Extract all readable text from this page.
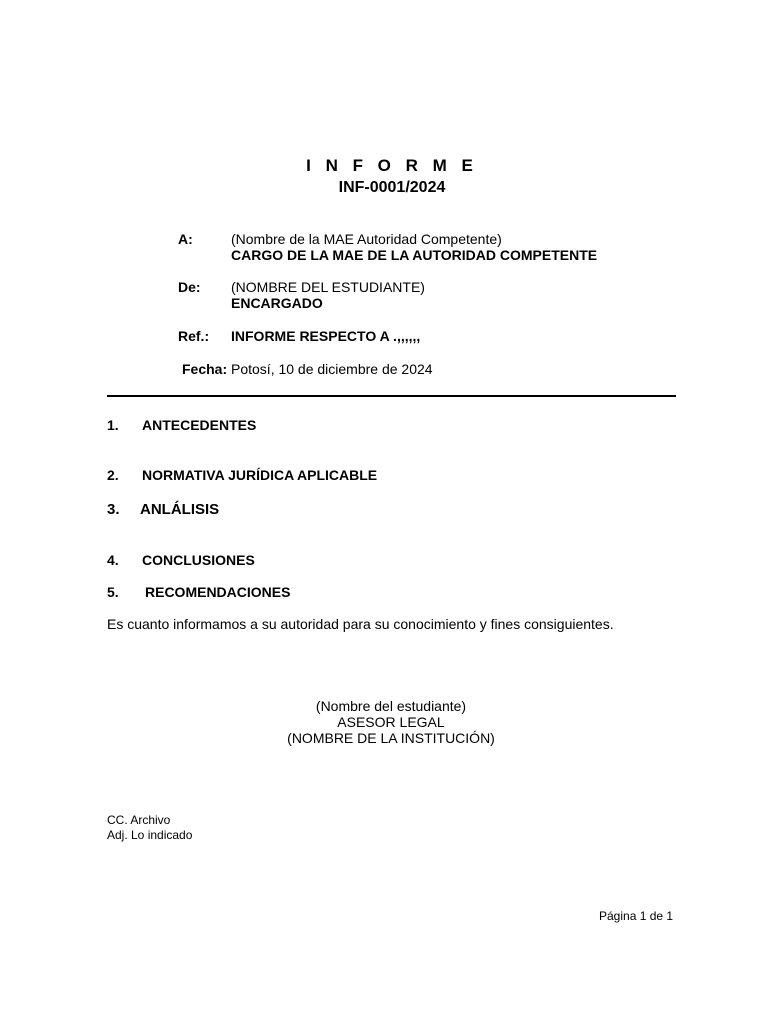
I N F O R M E
INF-0001/2024
A:	(Nombre de la MAE Autoridad Competente)
CARGO DE LA MAE DE LA AUTORIDAD COMPETENTE
De: (NOMBRE DEL ESTUDIANTE)
ENCARGADO
Ref.: INFORME RESPECTO A .,,,,,,
Fecha: Potosí, 10 de diciembre de 2024
1. ANTECEDENTES
2. NORMATIVA JURÍDICA APLICABLE
3. ANLÁLISIS
4. CONCLUSIONES
5. RECOMENDACIONES
Es cuanto informamos a su autoridad para su conocimiento y fines consiguientes.
(Nombre del estudiante)
ASESOR LEGAL
(NOMBRE DE LA INSTITUCIÓN)
CC. Archivo
Adj. Lo indicado
Página 1 de 1
